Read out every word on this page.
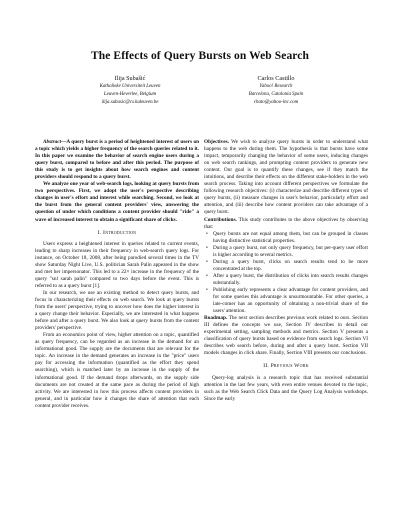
The Effects of Query Bursts on Web Search
Ilija Subašić
Katholieke Universiteit Leuven
Leuven-Heverlee, Belgium
ilija.subasic@cs.kuleuven.be
Carlos Castillo
Yahoo! Research
Barcelona, Catalonia Spain
chato@yahoo-inc.com

Abstract—A query burst is a period of heightened interest of users on a topic which yields a higher frequency of the search queries related to it. In this paper we examine the behavior of search engine users during a query burst, compared to before and after this period. The purpose of this study is to get insights about how search engines and content providers should respond to a query burst.

We analyze one year of web-search logs, looking at query bursts from two perspectives. First, we adopt the user's perspective describing changes in user's effort and interest while searching. Second, we look at the burst from the general content providers' view, answering the question of under which conditions a content provider should "ride" a wave of increased interest to obtain a significant share of clicks.

I. Introduction

Users express a heightened interest in queries related to current events, leading to sharp increases in their frequency in web-search query logs. For instance, on October 18, 2008, after being parodied several times in the TV show Saturday Night Live, U.S. politician Sarah Palin appeared in the show and met her impersonator. This led to a 22× increase in the frequency of the query "snl sarah palin" compared to two days before the event. This is referred to as a query burst [1].

In our research, we use an existing method to detect query bursts, and focus in characterizing their effects on web search. We look at query bursts from the users' perspective, trying to uncover how does the higher interest in a query change their behavior. Especially, we are interested in what happens before and after a query burst. We also look at query bursts from the content providers' perspective.

From an economics point of view, higher attention on a topic, quantified as query frequency, can be regarded as an increase in the demand for an informational good. The supply are the documents that are relevant for the topic. An increase in the demand generates an increase in the "price" users pay for accessing the information (quantified as the effort they spend searching), which is matched later by an increase in the supply of the informational good. If the demand drops afterwards, on the supply side documents are not created at the same pace as during the period of high activity. We are interested in how this process affects content providers in general, and in particular how it changes the share of attention that each content provider receives.

Objectives. We wish to analyze query bursts in order to understand what happens to the web during them. The hypothesis is that bursts have some impact, temporarily changing the behavior of some users, inducing changes on web search rankings, and prompting content providers to generate new content. Our goal is to quantify these changes, see if they match the intuitions, and describe their effects on the different stake-holders in the web search process. Taking into account different perspectives we formulate the following research objectives: (i) characterize and describe different types of query bursts, (ii) measure changes in user's behavior, particularly effort and attention, and (iii) describe how content providers can take advantage of a query burst.

Contributions. This study contributes to the above objectives by observing that:

• Query bursts are not equal among them, but can be grouped in classes having distinctive statistical properties.
• During a query burst, not only query frequency, but per-query user effort is higher according to several metrics.
• During a query burst, clicks on search results tend to be more concentrated at the top.
• After a query burst, the distribution of clicks into search results changes substantially.
• Publishing early represents a clear advantage for content providers, and for some queries this advantage is unsurmountable. For other queries, a late-comer has an opportunity of obtaining a non-trivial share of the users' attention.

Roadmap. The next section describes previous work related to ours. Section III defines the concepts we use, Section IV describes in detail our experimental setting, sampling methods and metrics. Section V presents a classification of query bursts based on evidence from search logs. Section VI describes web search before, during and after a query burst. Section VII models changes in click share. Finally, Section VIII presents our conclusions.

II. Previous Work

Query-log analysis is a research topic that has received substantial attention in the last few years, with even entire venues devoted to the topic, such as the Web Search Click Data and the Query Log Analysis workshops. Since the early
